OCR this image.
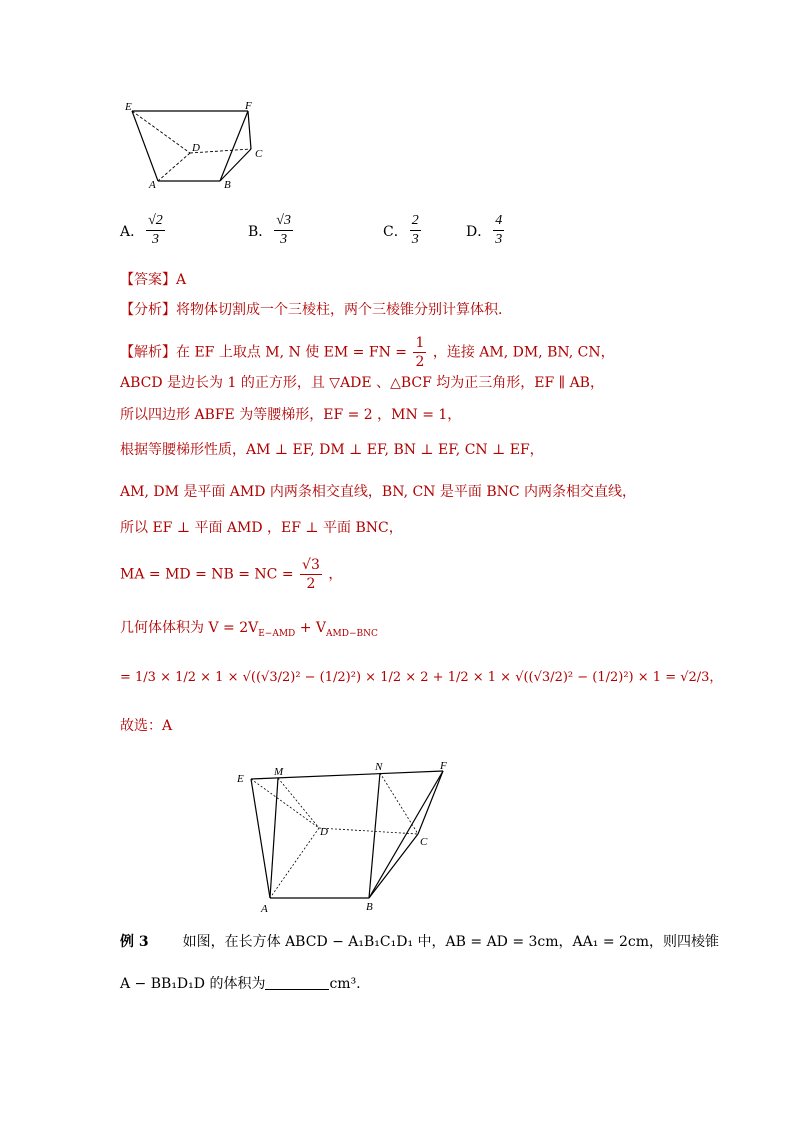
E	F
D	C
A	B
A． $\frac{√2}{3}$	B． $\frac{√3}{3}$	C． $\frac{2}{3}$	D． $\frac{4}{3}$
【答案】A
【分析】将物体切割成一个三棱柱，两个三棱锥分别计算体积.
【解析】在 EF 上取点 M, N 使 EM = FN = $\frac{1}{2}$ ，连接 AM, DM, BN, CN，
ABCD 是边长为 1 的正方形，且 ▽ADE 、△BCF 均为正三角形，EF ∥ AB，
所以四边形 ABFE 为等腰梯形，EF = 2 ，MN = 1，
根据等腰梯形性质，AM ⊥ EF, DM ⊥ EF, BN ⊥ EF, CN ⊥ EF，
AM, DM 是平面 AMD 内两条相交直线，BN, CN 是平面 BNC 内两条相交直线，
所以 EF ⊥ 平面 AMD ，EF ⊥ 平面 BNC，
MA = MD = NB = NC = $\frac{√3}{2}$ ，
几何体体积为 $V = 2V_{E-AMD} + V_{AMD-BNC}$
= 1/3 × 1/2 × 1 × √((√3/2)² − (1/2)²) × 1/2 × 2 + 1/2 × 1 × √((√3/2)² − (1/2)²) × 1 = √2/3，
故选：A
E
M	N	F
D
C
A	B
例 3 如图，在长方体 ABCD − A₁B₁C₁D₁ 中，AB = AD = 3cm，AA₁ = 2cm，则四棱锥
A − BB₁D₁D 的体积为	cm³.
